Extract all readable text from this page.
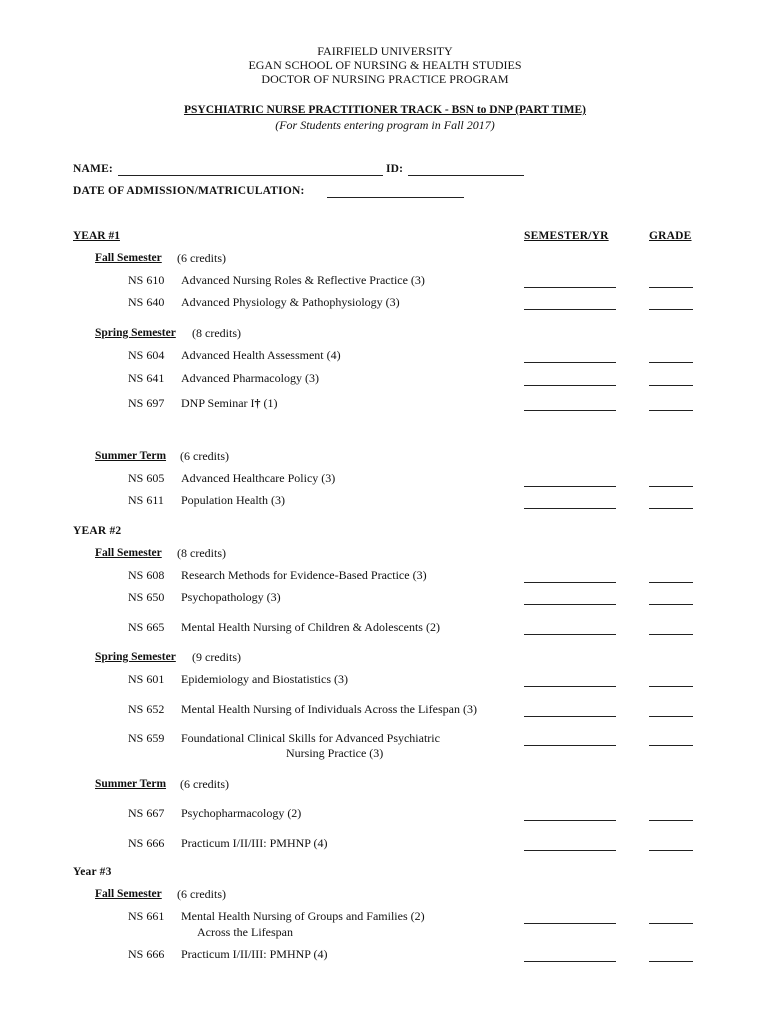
FAIRFIELD UNIVERSITY
EGAN SCHOOL OF NURSING & HEALTH STUDIES
DOCTOR OF NURSING PRACTICE PROGRAM
PSYCHIATRIC NURSE PRACTITIONER TRACK - BSN to DNP (PART TIME)
(For Students entering program in Fall 2017)
NAME:	ID:
DATE OF ADMISSION/MATRICULATION:
YEAR #1	SEMESTER/YR	GRADE
Fall Semester (6 credits)
NS 610 Advanced Nursing Roles & Reflective Practice (3)
NS 640 Advanced Physiology & Pathophysiology (3)
Spring Semester (8 credits)
NS 604 Advanced Health Assessment (4)
NS 641 Advanced Pharmacology (3)
NS 697 DNP Seminar I† (1)
Summer Term (6 credits)
NS 605 Advanced Healthcare Policy (3)
NS 611 Population Health (3)
YEAR #2
Fall Semester (8 credits)
NS 608 Research Methods for Evidence-Based Practice (3)
NS 650 Psychopathology (3)
NS 665 Mental Health Nursing of Children & Adolescents (2)
Spring Semester (9 credits)
NS 601 Epidemiology and Biostatistics (3)
NS 652 Mental Health Nursing of Individuals Across the Lifespan (3)
NS 659 Foundational Clinical Skills for Advanced Psychiatric
Nursing Practice (3)
Summer Term (6 credits)
NS 667 Psychopharmacology (2)
NS 666 Practicum I/II/III: PMHNP (4)
Year #3
Fall Semester (6 credits)
NS 661 Mental Health Nursing of Groups and Families (2)
Across the Lifespan
NS 666 Practicum I/II/III: PMHNP (4)
